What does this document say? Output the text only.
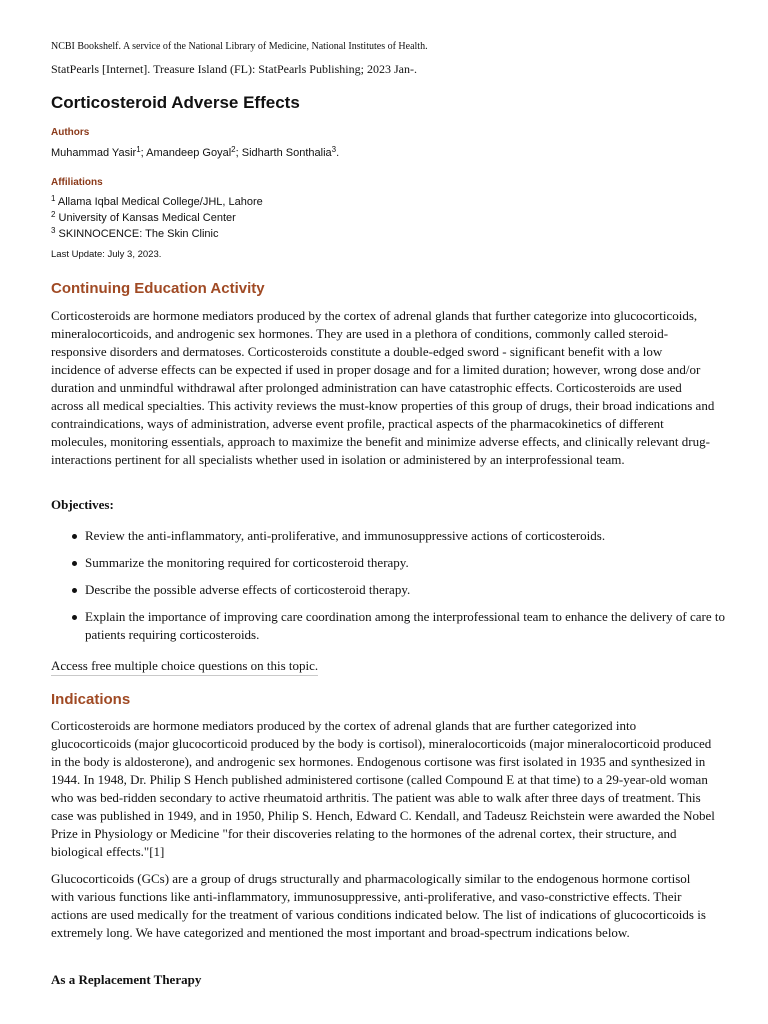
NCBI Bookshelf. A service of the National Library of Medicine, National Institutes of Health.
StatPearls [Internet]. Treasure Island (FL): StatPearls Publishing; 2023 Jan-.
Corticosteroid Adverse Effects
Authors
Muhammad Yasir$^1$; Amandeep Goyal$^2$; Sidharth Sonthalia$^3$.
Affiliations
$^1$ Allama Iqbal Medical College/JHL, Lahore
$^2$ University of Kansas Medical Center
$^3$ SKINNOCENCE: The Skin Clinic
Last Update: July 3, 2023.
Continuing Education Activity

Corticosteroids are hormone mediators produced by the cortex of adrenal glands that further categorize into glucocorticoids, mineralocorticoids, and androgenic sex hormones. They are used in a plethora of conditions, commonly called steroid-responsive disorders and dermatoses. Corticosteroids constitute a double-edged sword - significant benefit with a low incidence of adverse effects can be expected if used in proper dosage and for a limited duration; however, wrong dose and/or duration and unmindful withdrawal after prolonged administration can have catastrophic effects. Corticosteroids are used across all medical specialties. This activity reviews the must-know properties of this group of drugs, their broad indications and contraindications, ways of administration, adverse event profile, practical aspects of the pharmacokinetics of different molecules, monitoring essentials, approach to maximize the benefit and minimize adverse effects, and clinically relevant drug-interactions pertinent for all specialists whether used in isolation or administered by an interprofessional team.

Objectives:

Review the anti-inflammatory, anti-proliferative, and immunosuppressive actions of corticosteroids.
Summarize the monitoring required for corticosteroid therapy.
Describe the possible adverse effects of corticosteroid therapy.
Explain the importance of improving care coordination among the interprofessional team to enhance the delivery of care to patients requiring corticosteroids.
Access free multiple choice questions on this topic.
Indications

Corticosteroids are hormone mediators produced by the cortex of adrenal glands that are further categorized into glucocorticoids (major glucocorticoid produced by the body is cortisol), mineralocorticoids (major mineralocorticoid produced in the body is aldosterone), and androgenic sex hormones. Endogenous cortisone was first isolated in 1935 and synthesized in 1944. In 1948, Dr. Philip S Hench published administered cortisone (called Compound E at that time) to a 29-year-old woman who was bed-ridden secondary to active rheumatoid arthritis. The patient was able to walk after three days of treatment. This case was published in 1949, and in 1950, Philip S. Hench, Edward C. Kendall, and Tadeusz Reichstein were awarded the Nobel Prize in Physiology or Medicine "for their discoveries relating to the hormones of the adrenal cortex, their structure, and biological effects."[1]

Glucocorticoids (GCs) are a group of drugs structurally and pharmacologically similar to the endogenous hormone cortisol with various functions like anti-inflammatory, immunosuppressive, anti-proliferative, and vaso-constrictive effects. Their actions are used medically for the treatment of various conditions indicated below. The list of indications of glucocorticoids is extremely long. We have categorized and mentioned the most important and broad-spectrum indications below.

As a Replacement Therapy
